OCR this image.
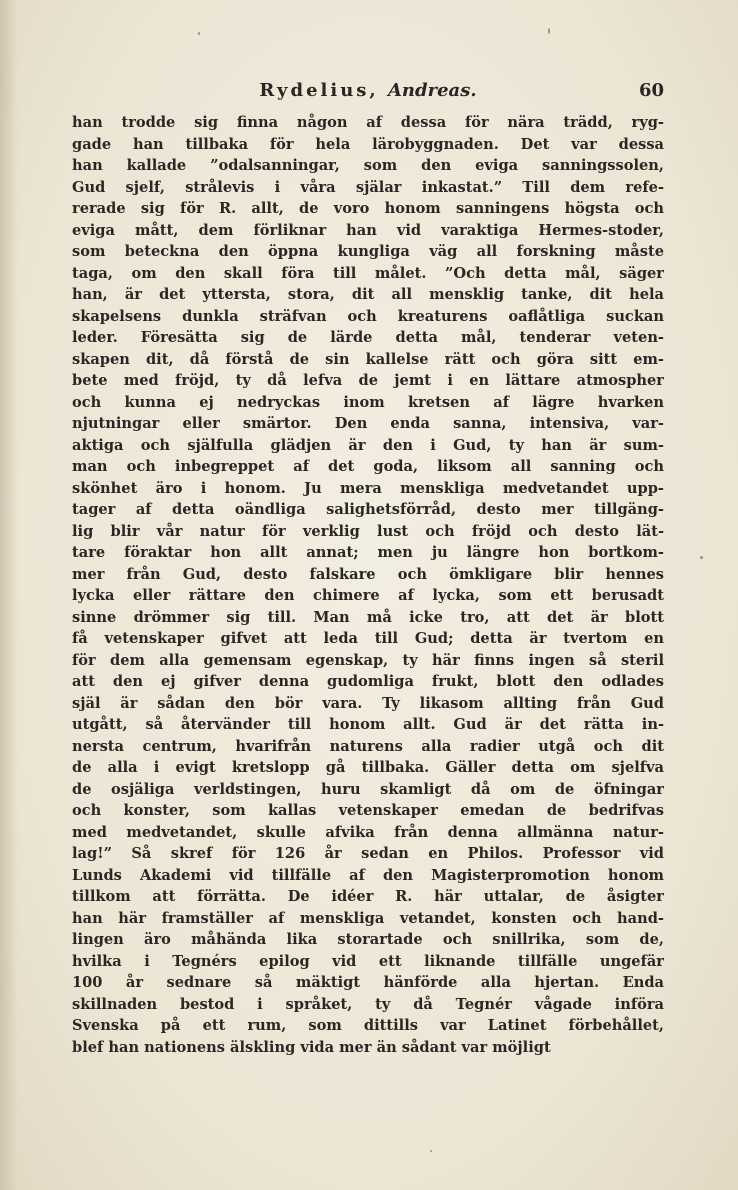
Rydelius, Andreas.	60
han trodde sig finna någon af dessa för nära trädd, ryg-
gade han tillbaka för hela lärobyggnaden. Det var dessa
han kallade ”odalsanningar, som den eviga sanningssolen,
Gud sjelf, strålevis i våra själar inkastat.” Till dem refe-
rerade sig för R. allt, de voro honom sanningens högsta och
eviga mått, dem förliknar han vid varaktiga Hermes-stoder,
som beteckna den öppna kungliga väg all forskning måste
taga, om den skall föra till målet. ”Och detta mål, säger
han, är det yttersta, stora, dit all mensklig tanke, dit hela
skapelsens dunkla sträfvan och kreaturens oaflåtliga suckan
leder. Föresätta sig de lärde detta mål, tenderar veten-
skapen dit, då förstå de sin kallelse rätt och göra sitt em-
bete med fröjd, ty då lefva de jemt i en lättare atmospher
och kunna ej nedryckas inom kretsen af lägre hvarken
njutningar eller smärtor. Den enda sanna, intensiva, var-
aktiga och själfulla glädjen är den i Gud, ty han är sum-
man och inbegreppet af det goda, liksom all sanning och
skönhet äro i honom. Ju mera menskliga medvetandet upp-
tager af detta oändliga salighetsförråd, desto mer tillgäng-
lig blir vår natur för verklig lust och fröjd och desto lät-
tare föraktar hon allt annat; men ju längre hon bortkom-
mer från Gud, desto falskare och ömkligare blir hennes
lycka eller rättare den chimere af lycka, som ett berusadt
sinne drömmer sig till. Man må icke tro, att det är blott
få vetenskaper gifvet att leda till Gud; detta är tvertom en
för dem alla gemensam egenskap, ty här finns ingen så steril
att den ej gifver denna gudomliga frukt, blott den odlades
själ är sådan den bör vara. Ty likasom allting från Gud
utgått, så återvänder till honom allt. Gud är det rätta in-
nersta centrum, hvarifrån naturens alla radier utgå och dit
de alla i evigt kretslopp gå tillbaka. Gäller detta om sjelfva
de osjäliga verldstingen, huru skamligt då om de öfningar
och konster, som kallas vetenskaper emedan de bedrifvas
med medvetandet, skulle afvika från denna allmänna natur-
lag!” Så skref för 126 år sedan en Philos. Professor vid
Lunds Akademi vid tillfälle af den Magisterpromotion honom
tillkom att förrätta. De idéer R. här uttalar, de åsigter
han här framställer af menskliga vetandet, konsten och hand-
lingen äro måhända lika storartade och snillrika, som de,
hvilka i Tegnérs epilog vid ett liknande tillfälle ungefär
100 år sednare så mäktigt hänförde alla hjertan. Enda
skillnaden bestod i språket, ty då Tegnér vågade införa
Svenska på ett rum, som dittills var Latinet förbehållet,
blef han nationens älskling vida mer än sådant var möjligt
